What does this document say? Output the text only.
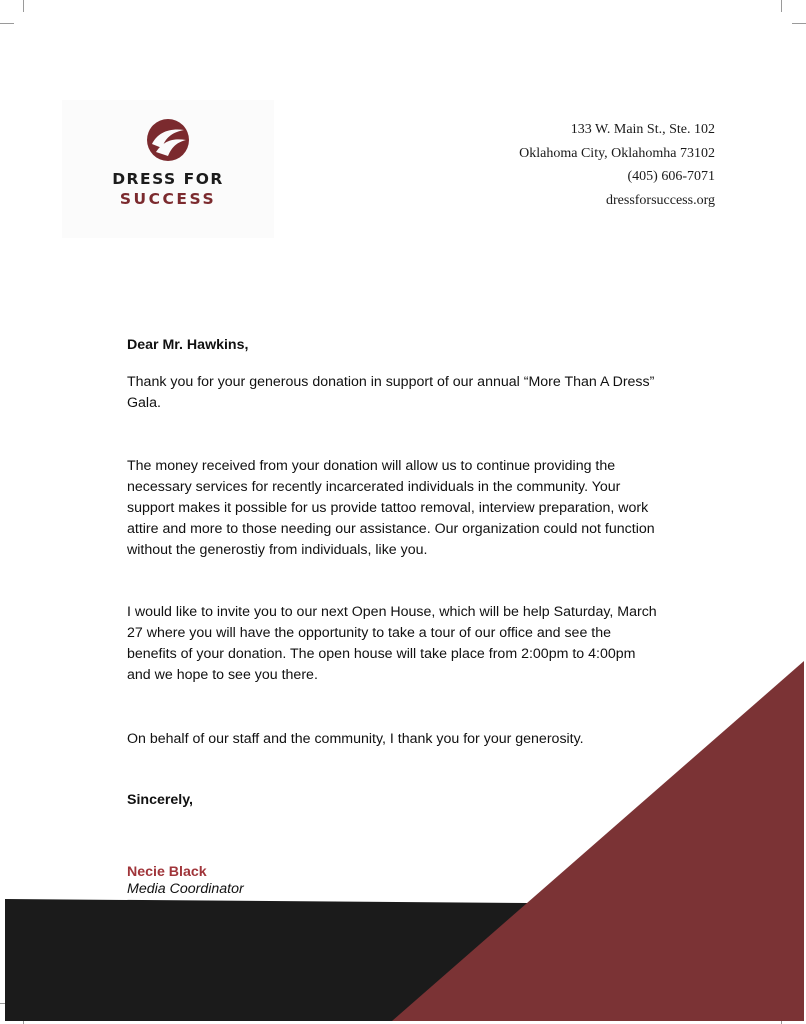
DRESS FOR
SUCCESS
133 W. Main St., Ste. 102
Oklahoma City, Oklahomha 73102
(405) 606-7071
dressforsuccess.org
Dear Mr. Hawkins,
Thank you for your generous donation in support of our annual “More Than A Dress” Gala.
The money received from your donation will allow us to continue providing the necessary services for recently incarcerated individuals in the community. Your support makes it possible for us provide tattoo removal, interview preparation, work attire and more to those needing our assistance. Our organization could not function without the generostiy from individuals, like you.
I would like to invite you to our next Open House, which will be help Saturday, March 27 where you will have the opportunity to take a tour of our office and see the benefits of your donation. The open house will take place from 2:00pm to 4:00pm and we hope to see you there.
On behalf of our staff and the community, I thank you for your generosity.
Sincerely,
Necie Black
Media Coordinator
